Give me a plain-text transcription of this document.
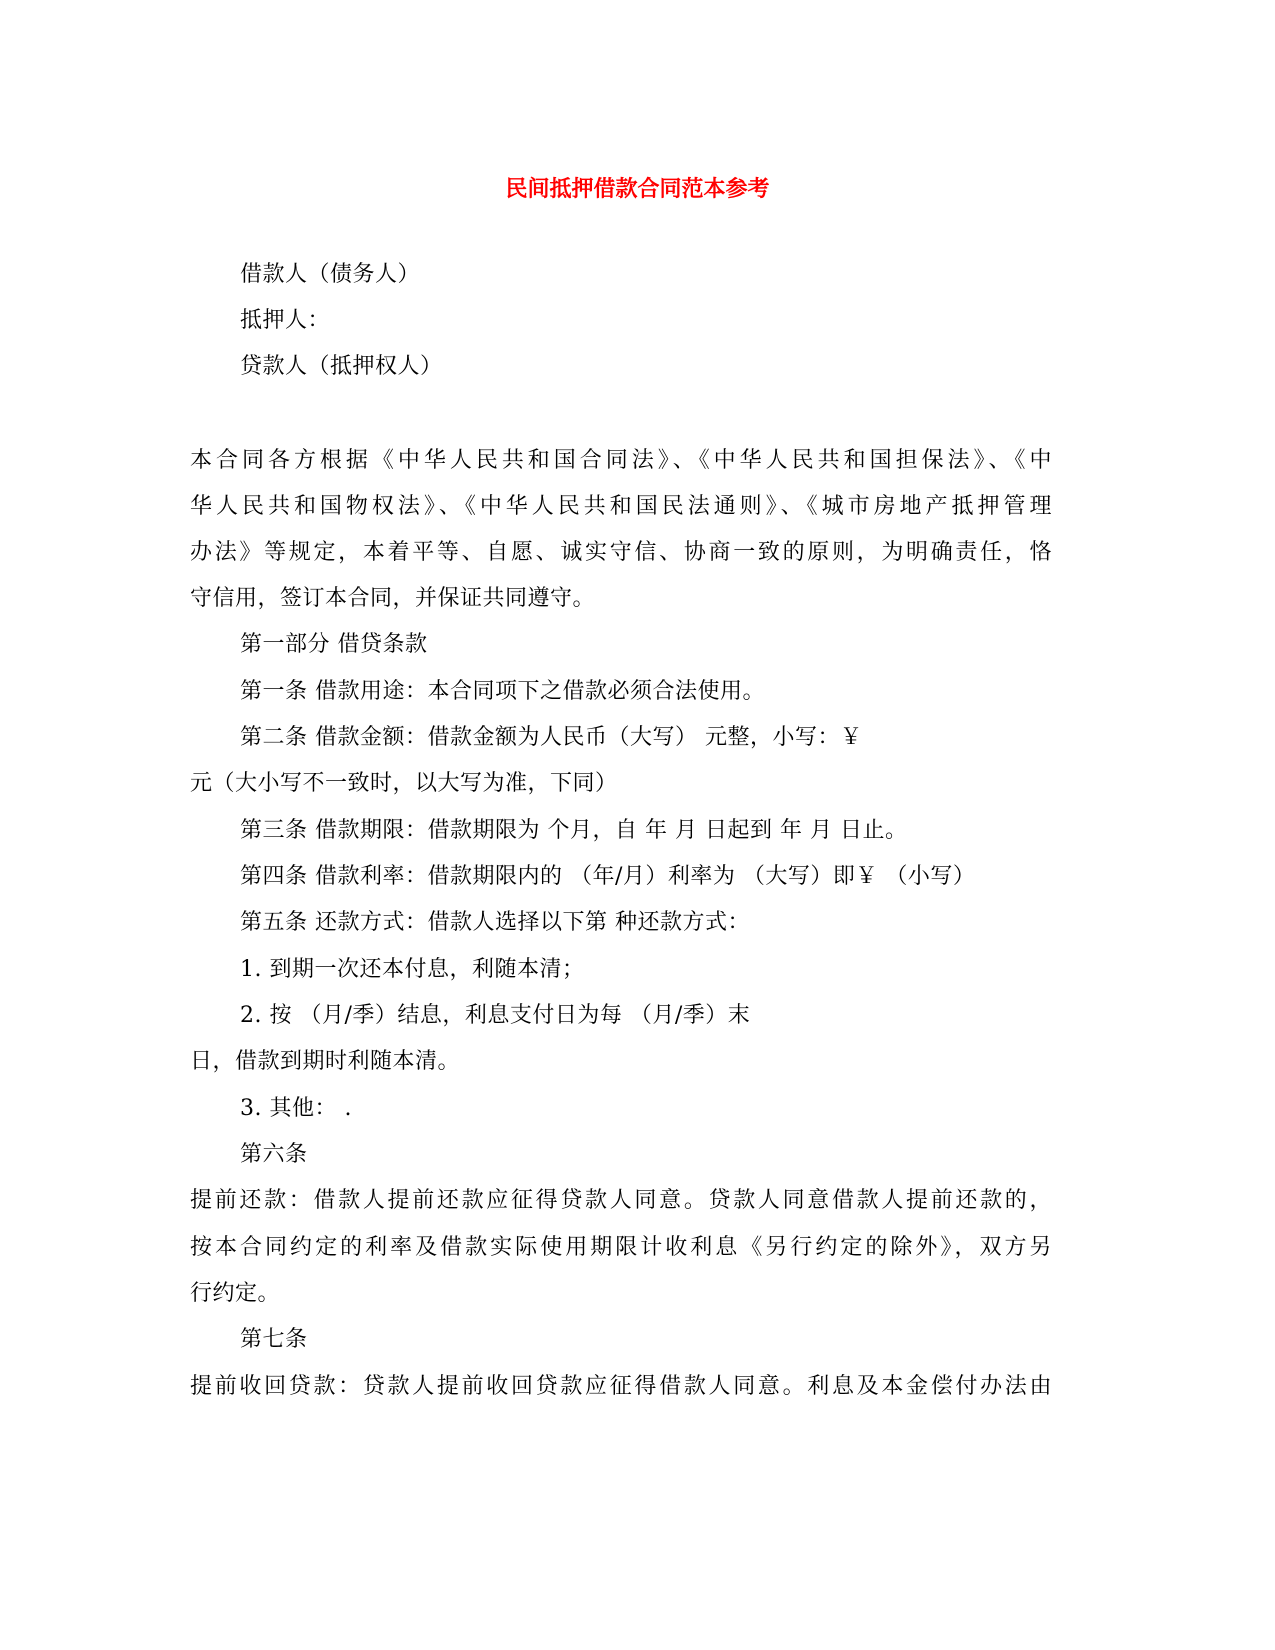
民间抵押借款合同范本参考
借款人（债务人）
抵押人：
贷款人（抵押权人）
本合同各方根据《中华人民共和国合同法》、《中华人民共和国担保法》、《中
华人民共和国物权法》、《中华人民共和国民法通则》、《城市房地产抵押管理
办法》等规定，本着平等、自愿、诚实守信、协商一致的原则，为明确责任，恪
守信用，签订本合同，并保证共同遵守。
第一部分 借贷条款
第一条 借款用途：本合同项下之借款必须合法使用。
第二条 借款金额：借款金额为人民币（大写） 元整，小写：￥
元（大小写不一致时，以大写为准，下同）
第三条 借款期限：借款期限为 个月，自 年 月 日起到 年 月 日止。
第四条 借款利率：借款期限内的 （年/月）利率为 （大写）即￥ （小写）
第五条 还款方式：借款人选择以下第 种还款方式：
1. 到期一次还本付息，利随本清；
2. 按 （月/季）结息，利息支付日为每 （月/季）末
日，借款到期时利随本清。
3. 其他： .
第六条
提前还款：借款人提前还款应征得贷款人同意。贷款人同意借款人提前还款的，
按本合同约定的利率及借款实际使用期限计收利息《另行约定的除外》，双方另
行约定。
第七条
提前收回贷款：贷款人提前收回贷款应征得借款人同意。利息及本金偿付办法由
